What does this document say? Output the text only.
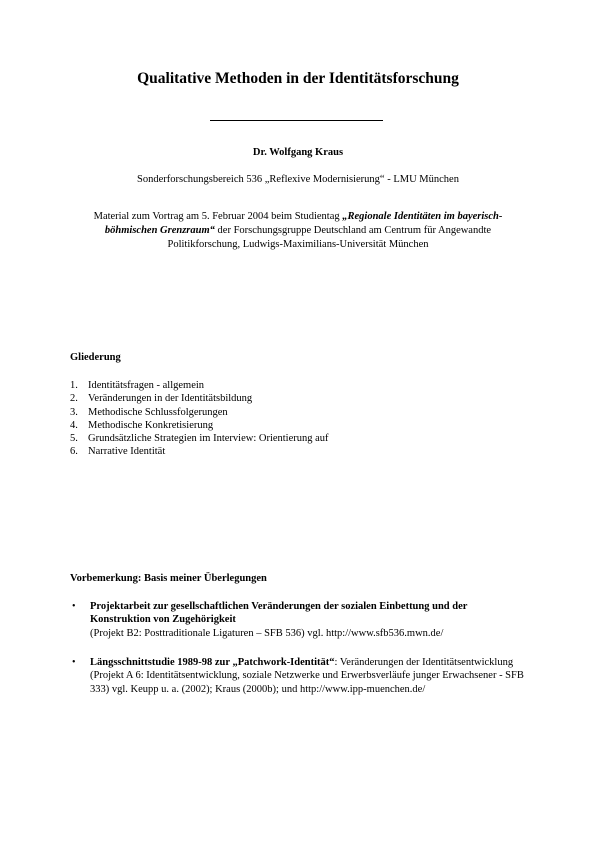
Qualitative Methoden in der Identitätsforschung
Dr. Wolfgang Kraus
Sonderforschungsbereich 536 „Reflexive Modernisierung“ - LMU München
Material zum Vortrag am 5. Februar 2004 beim Studientag „Regionale Identitäten im bayerisch-böhmischen Grenzraum“ der Forschungsgruppe Deutschland am Centrum für Angewandte Politikforschung, Ludwigs-Maximilians-Universität München
Gliederung
1. Identitätsfragen - allgemein
2. Veränderungen in der Identitätsbildung
3. Methodische Schlussfolgerungen
4. Methodische Konkretisierung
5. Grundsätzliche Strategien im Interview: Orientierung auf
6. Narrative Identität
Vorbemerkung: Basis meiner Überlegungen
• Projektarbeit zur gesellschaftlichen Veränderungen der sozialen Einbettung und der Konstruktion von Zugehörigkeit
(Projekt B2: Posttraditionale Ligaturen – SFB 536) vgl. http://www.sfb536.mwn.de/
• Längsschnittstudie 1989-98 zur „Patchwork-Identität“: Veränderungen der Identitätsentwicklung (Projekt A 6: Identitätsentwicklung, soziale Netzwerke und Erwerbsverläufe junger Erwachsener - SFB 333) vgl. Keupp u. a. (2002); Kraus (2000b); und http://www.ipp-muenchen.de/
